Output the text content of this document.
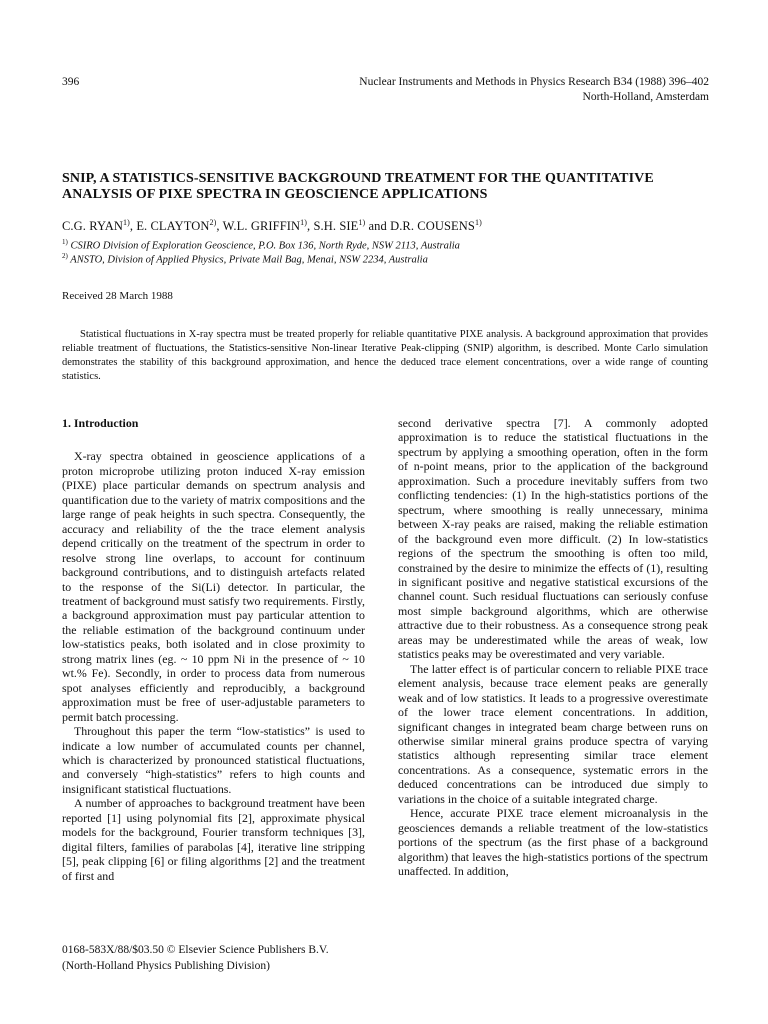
396	Nuclear Instruments and Methods in Physics Research B34 (1988) 396–402
North-Holland, Amsterdam
SNIP, A STATISTICS-SENSITIVE BACKGROUND TREATMENT FOR THE QUANTITATIVE ANALYSIS OF PIXE SPECTRA IN GEOSCIENCE APPLICATIONS
C.G. RYAN$^{1)}$, E. CLAYTON$^{2)}$, W.L. GRIFFIN$^{1)}$, S.H. SIE$^{1)}$ and D.R. COUSENS$^{1)}$
$^{1)}$ CSIRO Division of Exploration Geoscience, P.O. Box 136, North Ryde, NSW 2113, Australia
$^{2)}$ ANSTO, Division of Applied Physics, Private Mail Bag, Menai, NSW 2234, Australia
Received 28 March 1988

Statistical fluctuations in X-ray spectra must be treated properly for reliable quantitative PIXE analysis. A background approximation that provides reliable treatment of fluctuations, the Statistics-sensitive Non-linear Iterative Peak-clipping (SNIP) algorithm, is described. Monte Carlo simulation demonstrates the stability of this background approximation, and hence the deduced trace element concentrations, over a wide range of counting statistics.

1. Introduction

X-ray spectra obtained in geoscience applications of a proton microprobe utilizing proton induced X-ray emission (PIXE) place particular demands on spectrum analysis and quantification due to the variety of matrix compositions and the large range of peak heights in such spectra. Consequently, the accuracy and reliability of the the trace element analysis depend critically on the treatment of the spectrum in order to resolve strong line overlaps, to account for continuum background contributions, and to distinguish artefacts related to the response of the Si(Li) detector. In particular, the treatment of background must satisfy two requirements. Firstly, a background approximation must pay particular attention to the reliable estimation of the background continuum under low-statistics peaks, both isolated and in close proximity to strong matrix lines (eg. ~ 10 ppm Ni in the presence of ~ 10 wt.% Fe). Secondly, in order to process data from numerous spot analyses efficiently and reproducibly, a background approximation must be free of user-adjustable parameters to permit batch processing.

Throughout this paper the term “low-statistics” is used to indicate a low number of accumulated counts per channel, which is characterized by pronounced statistical fluctuations, and conversely “high-statistics” refers to high counts and insignificant statistical fluctuations.

A number of approaches to background treatment have been reported [1] using polynomial fits [2], approximate physical models for the background, Fourier transform techniques [3], digital filters, families of parabolas [4], iterative line stripping [5], peak clipping [6] or filing algorithms [2] and the treatment of first and

second derivative spectra [7]. A commonly adopted approximation is to reduce the statistical fluctuations in the spectrum by applying a smoothing operation, often in the form of n-point means, prior to the application of the background approximation. Such a procedure inevitably suffers from two conflicting tendencies: (1) In the high-statistics portions of the spectrum, where smoothing is really unnecessary, minima between X-ray peaks are raised, making the reliable estimation of the background even more difficult. (2) In low-statistics regions of the spectrum the smoothing is often too mild, constrained by the desire to minimize the effects of (1), resulting in significant positive and negative statistical excursions of the channel count. Such residual fluctuations can seriously confuse most simple background algorithms, which are otherwise attractive due to their robustness. As a consequence strong peak areas may be underestimated while the areas of weak, low statistics peaks may be overestimated and very variable.

The latter effect is of particular concern to reliable PIXE trace element analysis, because trace element peaks are generally weak and of low statistics. It leads to a progressive overestimate of the lower trace element concentrations. In addition, significant changes in integrated beam charge between runs on otherwise similar mineral grains produce spectra of varying statistics although representing similar trace element concentrations. As a consequence, systematic errors in the deduced concentrations can be introduced due simply to variations in the choice of a suitable integrated charge.

Hence, accurate PIXE trace element microanalysis in the geosciences demands a reliable treatment of the low-statistics portions of the spectrum (as the first phase of a background algorithm) that leaves the high-statistics portions of the spectrum unaffected. In addition,

0168-583X/88/$03.50 © Elsevier Science Publishers B.V.
(North-Holland Physics Publishing Division)
